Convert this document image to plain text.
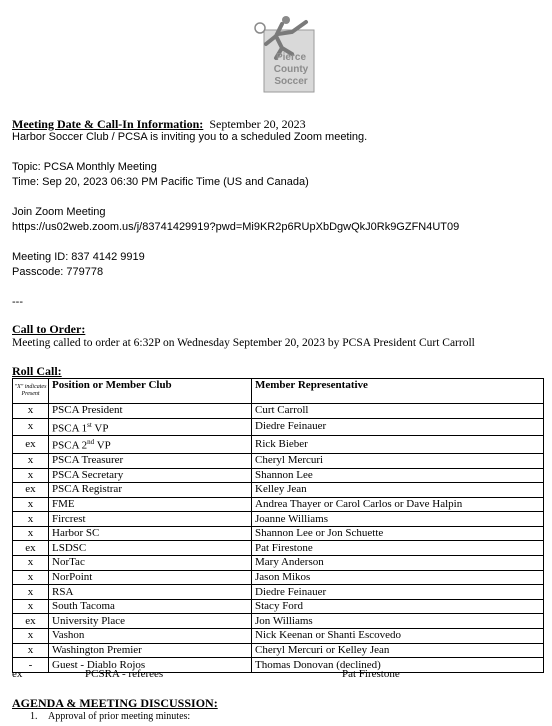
Pierce
County
Soccer
Meeting Date & Call-In Information: September 20, 2023
Harbor Soccer Club / PCSA is inviting you to a scheduled Zoom meeting.
Topic: PCSA Monthly Meeting
Time: Sep 20, 2023 06:30 PM Pacific Time (US and Canada)
Join Zoom Meeting
https://us02web.zoom.us/j/83741429919?pwd=Mi9KR2p6RUpXbDgwQkJ0Rk9GZFN4UT09
Meeting ID: 837 4142 9919
Passcode: 779778
---
Call to Order:
Meeting called to order at 6:32P on Wednesday September 20, 2023 by PCSA President Curt Carroll
Roll Call:
"X" indicates Present	Position or Member Club	Member Representative
x	PSCA President	Curt Carroll
x	PSCA 1st VP	Diedre Feinauer
ex	PSCA 2nd VP	Rick Bieber
x	PSCA Treasurer	Cheryl Mercuri
x	PSCA Secretary	Shannon Lee
ex	PSCA Registrar	Kelley Jean
x	FME	Andrea Thayer or Carol Carlos or Dave Halpin
x	Fircrest	Joanne Williams
x	Harbor SC	Shannon Lee or Jon Schuette
ex	LSDSC	Pat Firestone
x	NorTac	Mary Anderson
x	NorPoint	Jason Mikos
x	RSA	Diedre Feinauer
x	South Tacoma	Stacy Ford
ex	University Place	Jon Williams
x	Vashon	Nick Keenan or Shanti Escovedo
x	Washington Premier	Cheryl Mercuri or Kelley Jean
-	Guest - Diablo Rojos	Thomas Donovan (declined)
ex	PCSRA - referees	Pat Firestone
AGENDA & MEETING DISCUSSION:
1. Approval of prior meeting minutes:
